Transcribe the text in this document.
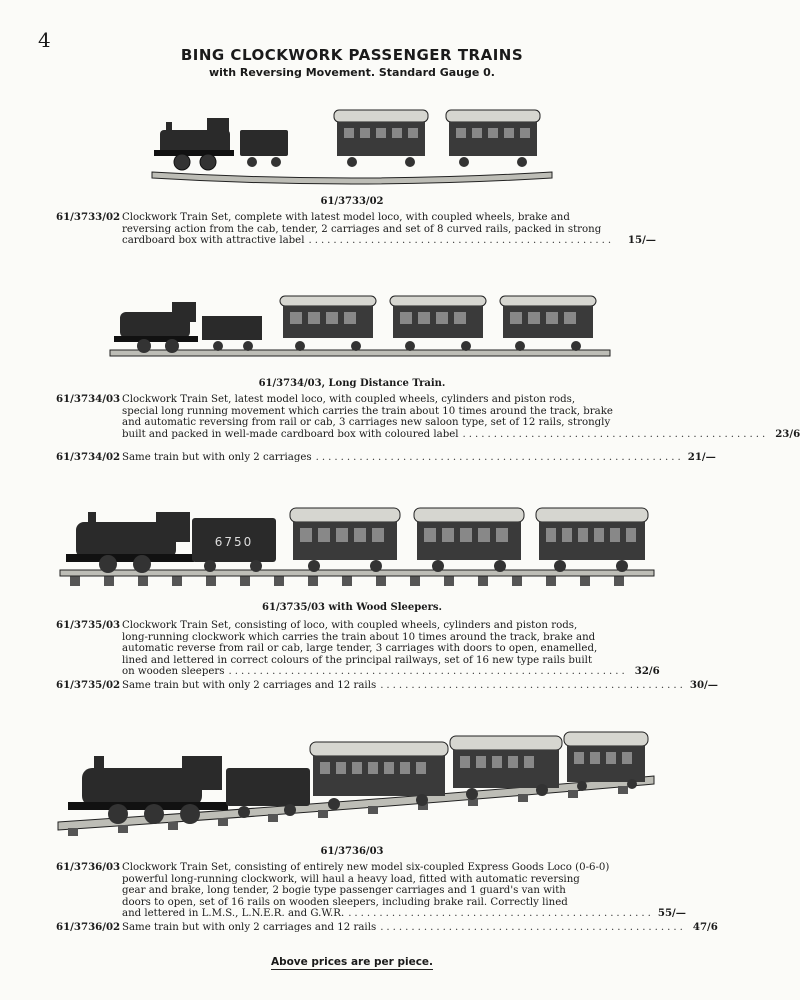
4
BING CLOCKWORK PASSENGER TRAINS
with Reversing Movement. Standard Gauge 0.
61/3733/02
61/3733/02 Clockwork Train Set, complete with latest model loco, with coupled wheels, brake and
reversing action from the cab, tender, 2 carriages and set of 8 curved rails, packed in strong
cardboard box with attractive label .................................................	15/—
61/3734/03, Long Distance Train.
61/3734/03 Clockwork Train Set, latest model loco, with coupled wheels, cylinders and piston rods,
special long running movement which carries the train about 10 times around the track, brake
and automatic reversing from rail or cab, 3 carriages new saloon type, set of 12 rails, strongly
built and packed in well-made cardboard box with coloured label ................................................. 23/6
61/3734/02 Same train but with only 2 carriages ........................................................... 21/—
6750
61/3735/03 with Wood Sleepers.
61/3735/03 Clockwork Train Set, consisting of loco, with coupled wheels, cylinders and piston rods,
long-running clockwork which carries the train about 10 times around the track, brake and
automatic reverse from rail or cab, large tender, 3 carriages with doors to open, enamelled,
lined and lettered in correct colours of the principal railways, set of 16 new type rails built
on wooden sleepers ................................................................ 32/6
61/3735/02 Same train but with only 2 carriages and 12 rails ................................................. 30/—
61/3736/03
61/3736/03 Clockwork Train Set, consisting of entirely new model six-coupled Express Goods Loco (0-6-0)
powerful long-running clockwork, will haul a heavy load, fitted with automatic reversing
gear and brake, long tender, 2 bogie type passenger carriages and 1 guard's van with
doors to open, set of 16 rails on wooden sleepers, including brake rail. Correctly lined
and lettered in L.M.S., L.N.E.R. and G.W.R. ................................................. 55/—
61/3736/02 Same train but with only 2 carriages and 12 rails ................................................. 47/6
Above prices are per piece.
